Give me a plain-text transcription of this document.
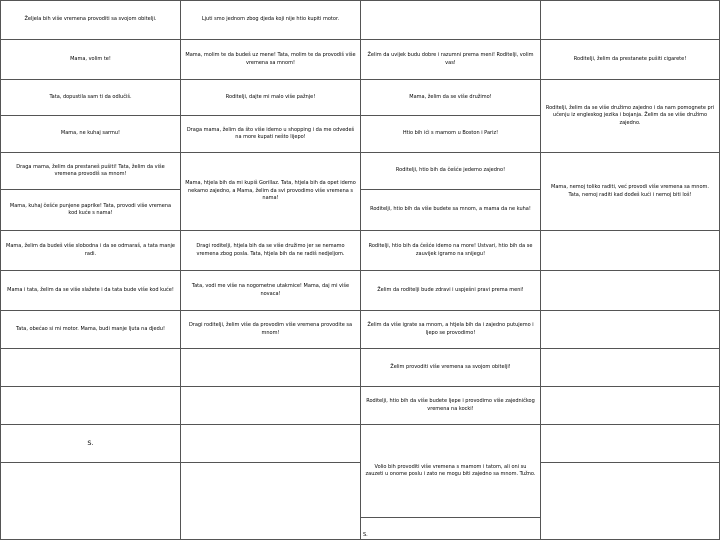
Željela bih više vremena provoditi sa svojom obitelji.
Mama, volim te!
Tata, dopustila sam ti da odlučiš.
Mama, ne kuhaj sarmu!
Draga mama, želim da prestaneš pušiti! Tata, želim da više vremena provodiš sa mnom!
Mama, kuhaj češće punjene paprike! Tata, provodi više vremena kod kuće s nama!
Mama, želim da budeš više slobodna i da se odmaraš, a tata manje radi.
Mama i tata, želim da se više slažete i da tata bude više kod kuće!
Tata, obećao si mi motor. Mama, budi manje ljuta na djedu!
S.
Ljuti smo jednom zbog djeda koji nije htio kupiti motor.
Mama, molim te da budeš uz mene! Tata, molim te da provodiš više vremena sa mnom!
Roditelji, dajte mi malo više pažnje!
Draga mama, želim da što više idemo u shopping i da me odvedeš na more kupati nešto lijepo!
Mama, htjela bih da mi kupiš Gorillaz. Tata, htjela bih da opet idemo nekamo zajedno, a Mama, želim da svi provodimo više vremena s nama!
Dragi roditelji, htjela bih da se više družimo jer se nemamo vremena zbog posla. Tata, htjela bih da ne radiš nedjeljom.
Tata, vodi me više na nogometne utakmice! Mama, daj mi više novaca!
Dragi roditelji, želim više da provodim više vremena provodite sa mnom!
Želim da uvijek budu dobre i razumni prema meni! Roditelji, volim vas!
Mama, želim da se više družimo!
Htio bih ići s mamom u Boston i Pariz!
Roditelji, htio bih da češće jedemo zajedno!
Roditelji, htio bih da više budete sa mnom, a mama da ne kuha!
Roditelji, htio bih da češće idemo na more! Ustvari, htio bih da se zauvijek igramo na snijegu!
Želim da roditelji bude zdravi i uspješni pravi prema meni!
Želim da više igrate sa mnom, a htjela bih da i zajedno putujemo i ljepo se provodimo!
Želim provoditi više vremena sa svojom obitelji!
Roditelji, htio bih da više budete ljepe i provodimo više zajedničkog vremena na kocki!
Volio bih provoditi više vremena s mamom i tatom, ali oni su zauzeti u onome poslu i zato ne mogu biti zajedno sa mnom. Tužno.
S.
Roditelji, želim da prestanete pušiti cigarete!
Roditelji, želim da se više družimo zajedno i da nam pomognete pri učenju iz engleskog jezika i bojanja. Želim da se više družimo zajedno.
Mama, nemoj toliko raditi, već provodi više vremena sa mnom. Tata, nemoj raditi kad dođeš kući i nemoj biti loš!
